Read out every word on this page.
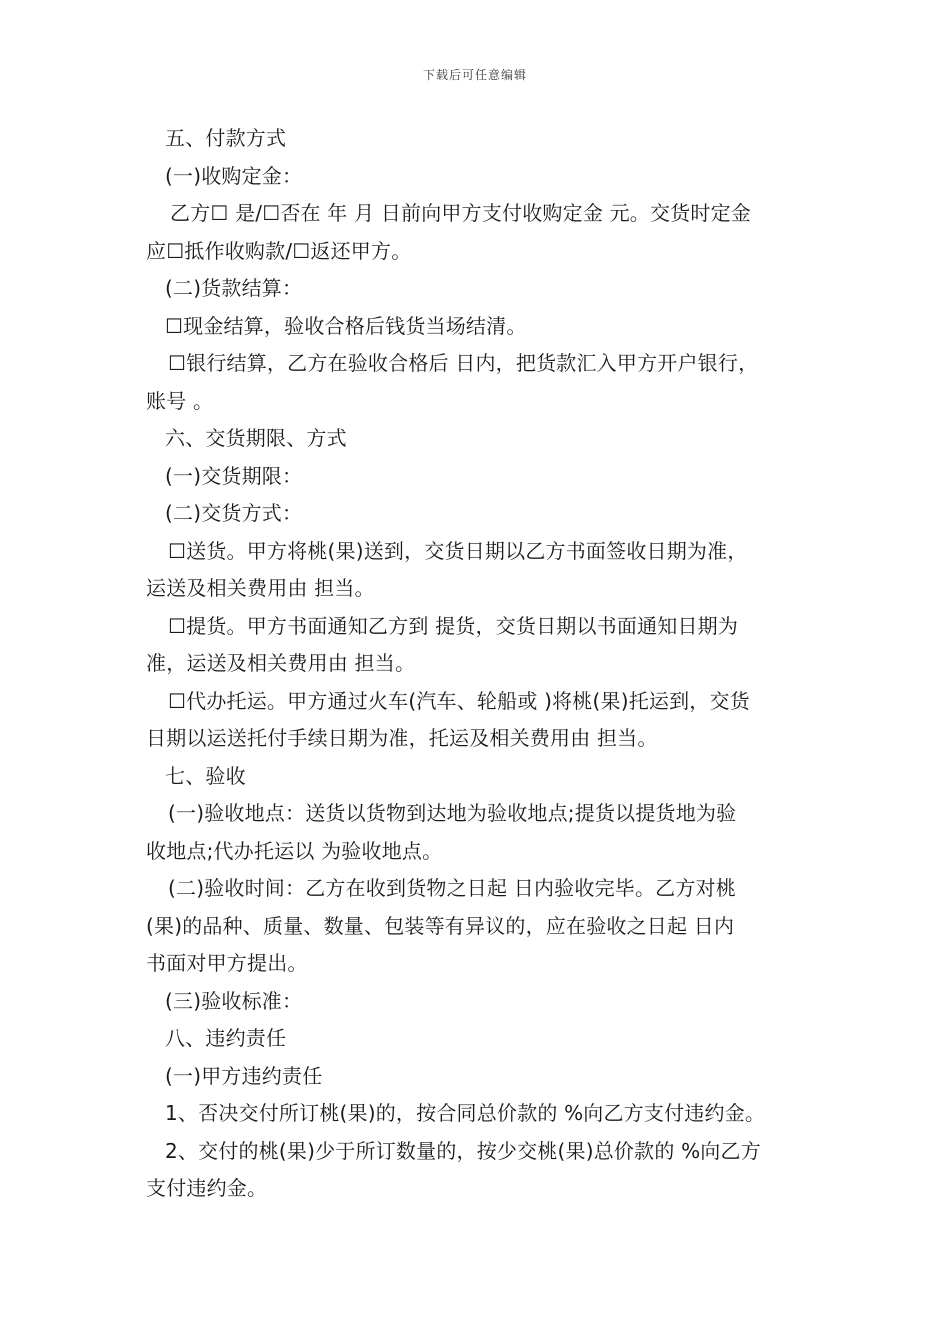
下载后可任意编辑
五、付款方式
(一)收购定金：
乙方☐ 是/☐否在 年 月 日前向甲方支付收购定金 元。交货时定金
应☐抵作收购款/☐返还甲方。
(二)货款结算：
☐现金结算，验收合格后钱货当场结清。
☐银行结算，乙方在验收合格后 日内，把货款汇入甲方开户银行，
账号 。
六、交货期限、方式
(一)交货期限：
(二)交货方式：
☐送货。甲方将桃(果)送到，交货日期以乙方书面签收日期为准，
运送及相关费用由 担当。
☐提货。甲方书面通知乙方到 提货，交货日期以书面通知日期为
准，运送及相关费用由 担当。
☐代办托运。甲方通过火车(汽车、轮船或 )将桃(果)托运到，交货
日期以运送托付手续日期为准，托运及相关费用由 担当。
七、验收
(一)验收地点：送货以货物到达地为验收地点;提货以提货地为验
收地点;代办托运以 为验收地点。
(二)验收时间：乙方在收到货物之日起 日内验收完毕。乙方对桃
(果)的品种、质量、数量、包装等有异议的，应在验收之日起 日内
书面对甲方提出。
(三)验收标准：
八、违约责任
(一)甲方违约责任
1、否决交付所订桃(果)的，按合同总价款的 %向乙方支付违约金。
2、交付的桃(果)少于所订数量的，按少交桃(果)总价款的 %向乙方
支付违约金。
